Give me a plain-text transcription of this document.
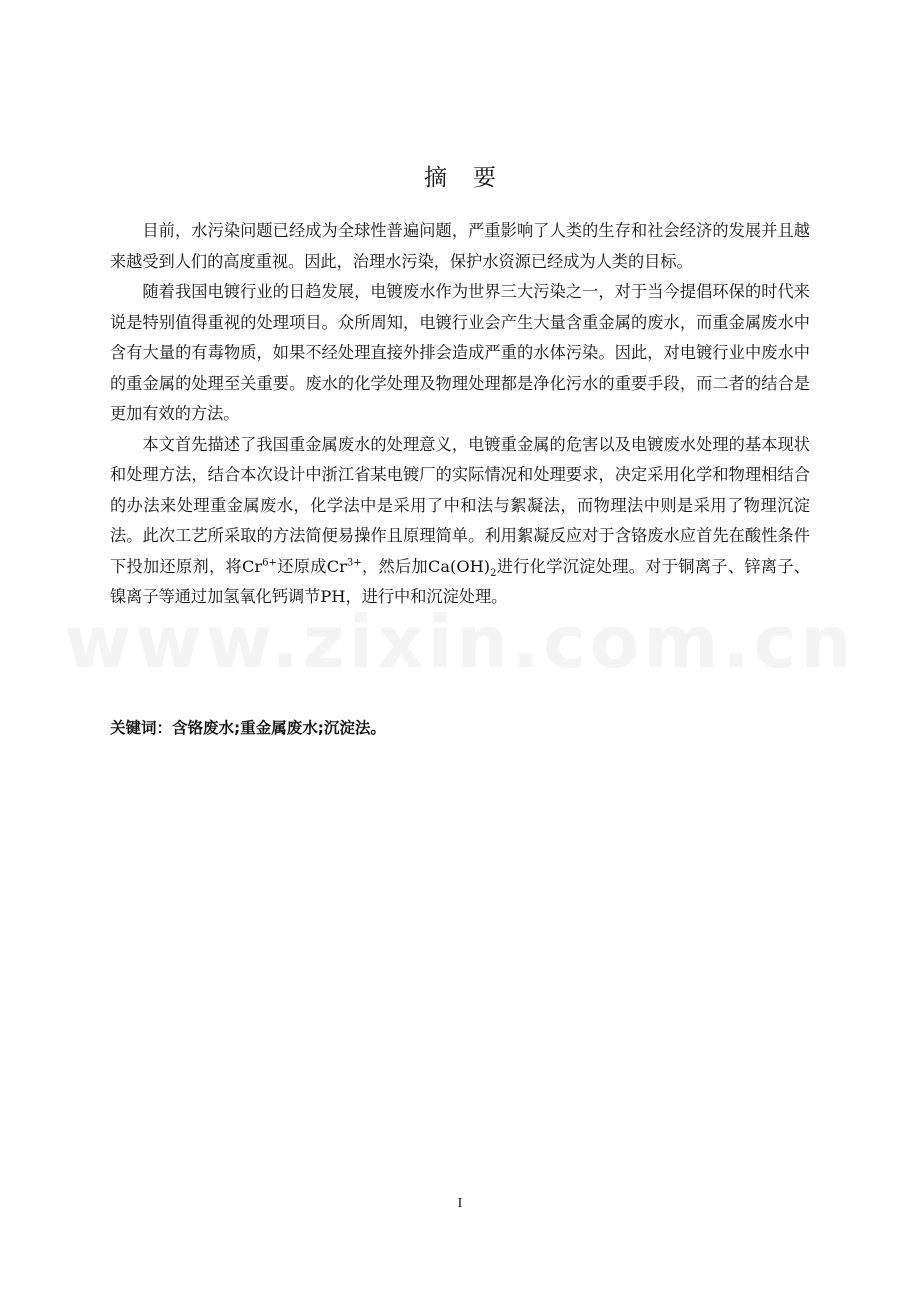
摘要

目前，水污染问题已经成为全球性普遍问题，严重影响了人类的生存和社会经济的发展并且越来越受到人们的高度重视。因此，治理水污染，保护水资源已经成为人类的目标。

随着我国电镀行业的日趋发展，电镀废水作为世界三大污染之一，对于当今提倡环保的时代来说是特别值得重视的处理项目。众所周知，电镀行业会产生大量含重金属的废水，而重金属废水中含有大量的有毒物质，如果不经处理直接外排会造成严重的水体污染。因此，对电镀行业中废水中的重金属的处理至关重要。废水的化学处理及物理处理都是净化污水的重要手段，而二者的结合是更加有效的方法。

本文首先描述了我国重金属废水的处理意义，电镀重金属的危害以及电镀废水处理的基本现状和处理方法，结合本次设计中浙江省某电镀厂的实际情况和处理要求，决定采用化学和物理相结合的办法来处理重金属废水，化学法中是采用了中和法与絮凝法，而物理法中则是采用了物理沉淀法。此次工艺所采取的方法简便易操作且原理简单。利用絮凝反应对于含铬废水应首先在酸性条件下投加还原剂，将$Cr^{6+}$还原成$Cr^{3+}$，然后加$Ca(OH)_2$进行化学沉淀处理。对于铜离子、锌离子、镍离子等通过加氢氧化钙调节PH，进行中和沉淀处理。

关键词：含铬废水;重金属废水;沉淀法。
I
